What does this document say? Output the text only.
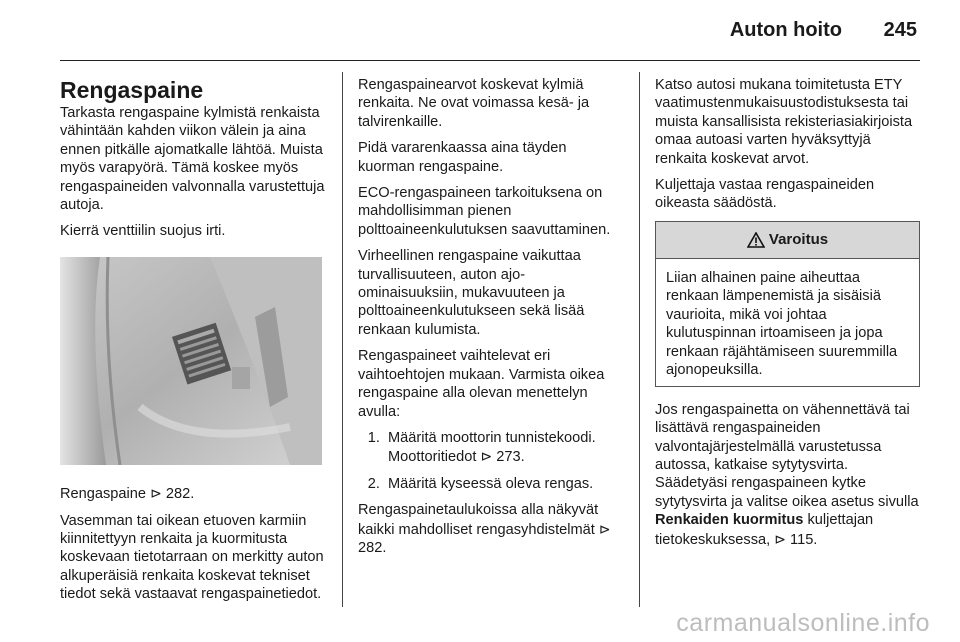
Auton hoito 245
Rengaspaine

Tarkasta rengaspaine kylmistä renkaista vähintään kahden viikon välein ja aina ennen pitkälle ajomatkalle lähtöä. Muista myös varapyörä. Tämä koskee myös rengaspaineiden valvonnalla varustettuja autoja.

Kierrä venttiilin suojus irti.

Rengaspaine ⊳ 282.

Vasemman tai oikean etuoven karmiin kiinnitettyyn renkaita ja kuormitusta koskevaan tietotarraan on merkitty auton alkuperäisiä renkaita koskevat tekniset tiedot sekä vastaavat rengaspainetiedot.

Rengaspainearvot koskevat kylmiä renkaita. Ne ovat voimassa kesä- ja talvirenkaille.

Pidä vararenkaassa aina täyden kuorman rengaspaine.

ECO-rengaspaineen tarkoituksena on mahdollisimman pienen polttoaineenkulutuksen saavuttaminen.

Virheellinen rengaspaine vaikuttaa turvallisuuteen, auton ajo-ominaisuuksiin, mukavuuteen ja polttoaineenkulutukseen sekä lisää renkaan kulumista.

Rengaspaineet vaihtelevat eri vaihtoehtojen mukaan. Varmista oikea rengaspaine alla olevan menettelyn avulla:

1. Määritä moottorin tunnistekoodi. Moottoritiedot ⊳ 273.
2. Määritä kyseessä oleva rengas.

Rengaspainetaulukoissa alla näkyvät kaikki mahdolliset rengasyhdistelmät ⊳ 282.

Katso autosi mukana toimitetusta ETY vaatimustenmukaisuustodistuksesta tai muista kansallisista rekisteriasiakirjoista omaa autoasi varten hyväksyttyjä renkaita koskevat arvot.

Kuljettaja vastaa rengaspaineiden oikeasta säädöstä.

Varoitus
Liian alhainen paine aiheuttaa renkaan lämpenemistä ja sisäisiä vaurioita, mikä voi johtaa kulutuspinnan irtoamiseen ja jopa renkaan räjähtämiseen suuremmilla ajonopeuksilla.

Jos rengaspainetta on vähennettävä tai lisättävä rengaspaineiden valvontajärjestelmällä varustetussa autossa, katkaise sytytysvirta. Säädetyäsi rengaspaineen kytke sytytysvirta ja valitse oikea asetus sivulla Renkaiden kuormitus kuljettajan tietokeskuksessa, ⊳ 115.

carmanualsonline.info
